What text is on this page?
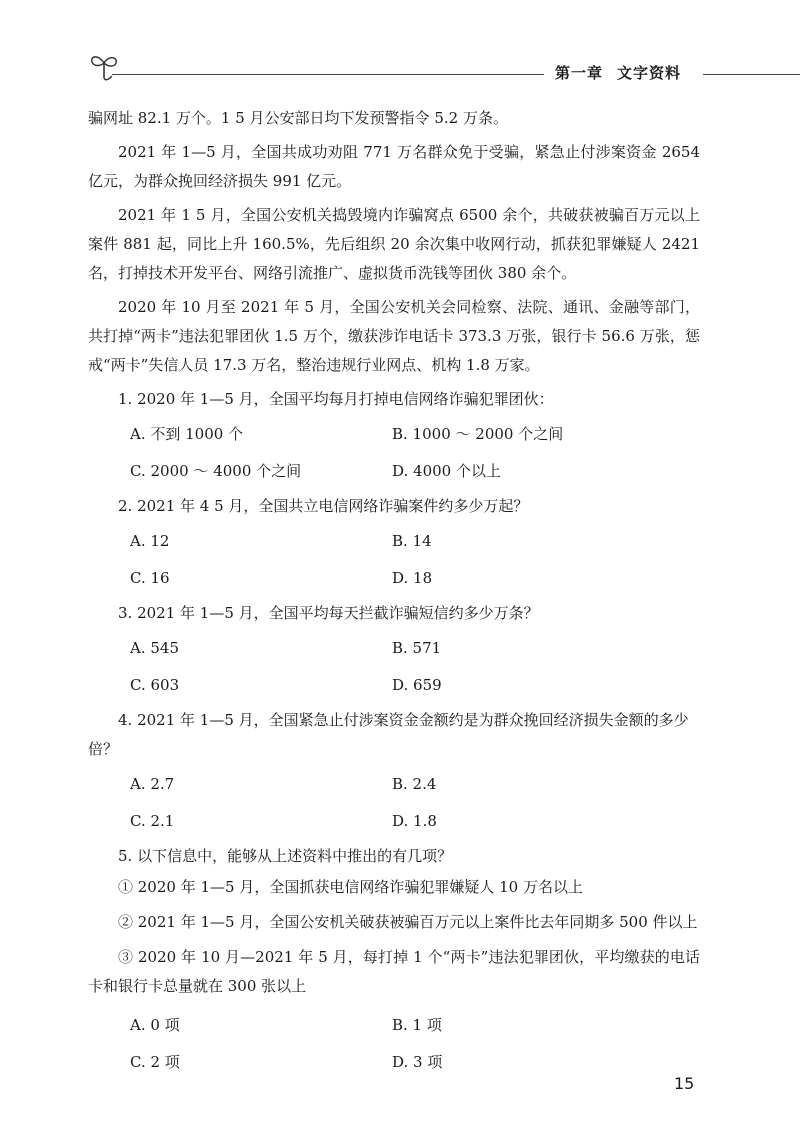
第一章 文字资料

骗网址 82.1 万个。1 5 月公安部日均下发预警指令 5.2 万条。

2021 年 1—5 月，全国共成功劝阻 771 万名群众免于受骗，紧急止付涉案资金 2654 亿元，为群众挽回经济损失 991 亿元。

2021 年 1 5 月，全国公安机关捣毁境内诈骗窝点 6500 余个，共破获被骗百万元以上案件 881 起，同比上升 160.5%，先后组织 20 余次集中收网行动，抓获犯罪嫌疑人 2421 名，打掉技术开发平台、网络引流推广、虚拟货币洗钱等团伙 380 余个。

2020 年 10 月至 2021 年 5 月，全国公安机关会同检察、法院、通讯、金融等部门，共打掉“两卡”违法犯罪团伙 1.5 万个，缴获涉诈电话卡 373.3 万张，银行卡 56.6 万张，惩戒“两卡”失信人员 17.3 万名，整治违规行业网点、机构 1.8 万家。

1. 2020 年 1—5 月，全国平均每月打掉电信网络诈骗犯罪团伙：

A. 不到 1000 个	B. 1000 ～ 2000 个之间
C. 2000 ～ 4000 个之间	D. 4000 个以上

2. 2021 年 4 5 月，全国共立电信网络诈骗案件约多少万起？

A. 12	B. 14
C. 16	D. 18

3. 2021 年 1—5 月，全国平均每天拦截诈骗短信约多少万条？

A. 545	B. 571
C. 603	D. 659

4. 2021 年 1—5 月，全国紧急止付涉案资金金额约是为群众挽回经济损失金额的多少倍？

A. 2.7	B. 2.4
C. 2.1	D. 1.8

5. 以下信息中，能够从上述资料中推出的有几项？

① 2020 年 1—5 月，全国抓获电信网络诈骗犯罪嫌疑人 10 万名以上

② 2021 年 1—5 月，全国公安机关破获被骗百万元以上案件比去年同期多 500 件以上

③ 2020 年 10 月—2021 年 5 月，每打掉 1 个“两卡”违法犯罪团伙，平均缴获的电话卡和银行卡总量就在 300 张以上

A. 0 项	B. 1 项
C. 2 项	D. 3 项
15
